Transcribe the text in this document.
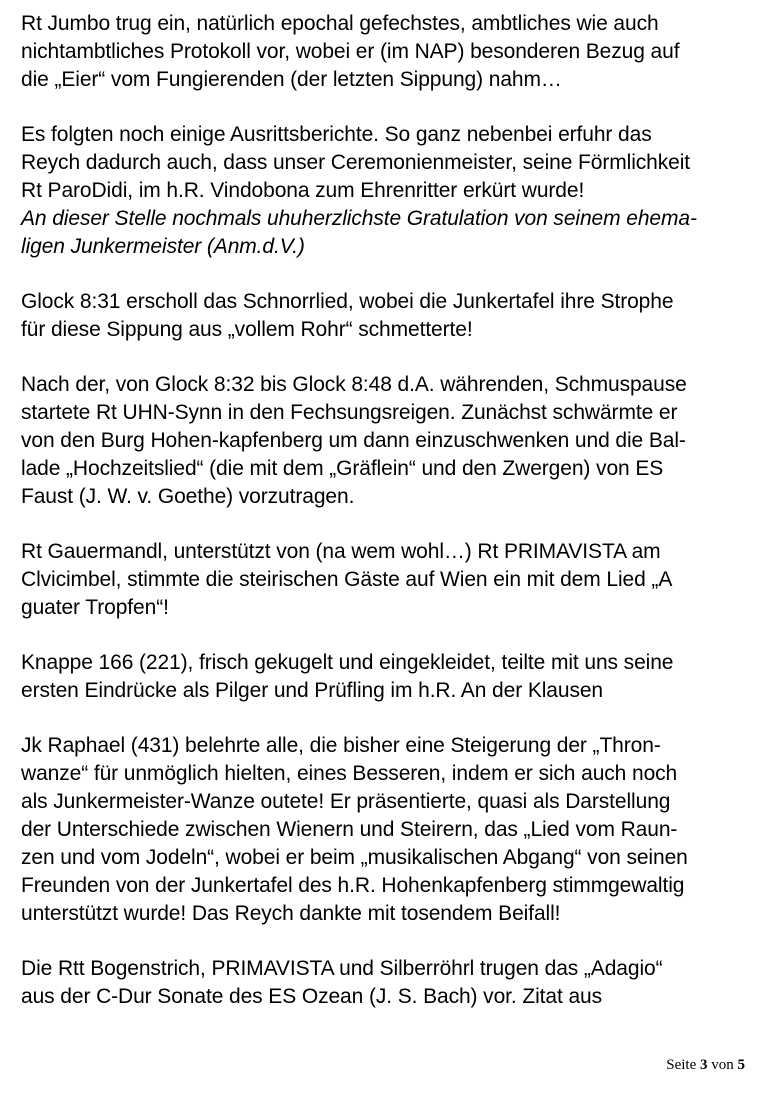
Rt Jumbo trug ein, natürlich epochal gefechstes, ambtliches wie auch
nichtambtliches Protokoll vor, wobei er (im NAP) besonderen Bezug auf
die „Eier“ vom Fungierenden (der letzten Sippung) nahm…
Es folgten noch einige Ausrittsberichte. So ganz nebenbei erfuhr das
Reych dadurch auch, dass unser Ceremonienmeister, seine Förmlichkeit
Rt ParoDidi, im h.R. Vindobona zum Ehrenritter erkürt wurde!
An dieser Stelle nochmals uhuherzlichste Gratulation von seinem ehema-
ligen Junkermeister (Anm.d.V.)
Glock 8:31 erscholl das Schnorrlied, wobei die Junkertafel ihre Strophe
für diese Sippung aus „vollem Rohr“ schmetterte!
Nach der, von Glock 8:32 bis Glock 8:48 d.A. währenden, Schmuspause
startete Rt UHN-Synn in den Fechsungsreigen. Zunächst schwärmte er
von den Burg Hohen-kapfenberg um dann einzuschwenken und die Bal-
lade „Hochzeitslied“ (die mit dem „Gräflein“ und den Zwergen) von ES
Faust (J. W. v. Goethe) vorzutragen.
Rt Gauermandl, unterstützt von (na wem wohl…) Rt PRIMAVISTA am
Clvicimbel, stimmte die steirischen Gäste auf Wien ein mit dem Lied „A
guater Tropfen“!
Knappe 166 (221), frisch gekugelt und eingekleidet, teilte mit uns seine
ersten Eindrücke als Pilger und Prüfling im h.R. An der Klausen
Jk Raphael (431) belehrte alle, die bisher eine Steigerung der „Thron-
wanze“ für unmöglich hielten, eines Besseren, indem er sich auch noch
als Junkermeister-Wanze outete! Er präsentierte, quasi als Darstellung
der Unterschiede zwischen Wienern und Steirern, das „Lied vom Raun-
zen und vom Jodeln“, wobei er beim „musikalischen Abgang“ von seinen
Freunden von der Junkertafel des h.R. Hohenkapfenberg stimmgewaltig
unterstützt wurde! Das Reych dankte mit tosendem Beifall!
Die Rtt Bogenstrich, PRIMAVISTA und Silberröhrl trugen das „Adagio“
aus der C-Dur Sonate des ES Ozean (J. S. Bach) vor. Zitat aus
Seite 3 von 5
